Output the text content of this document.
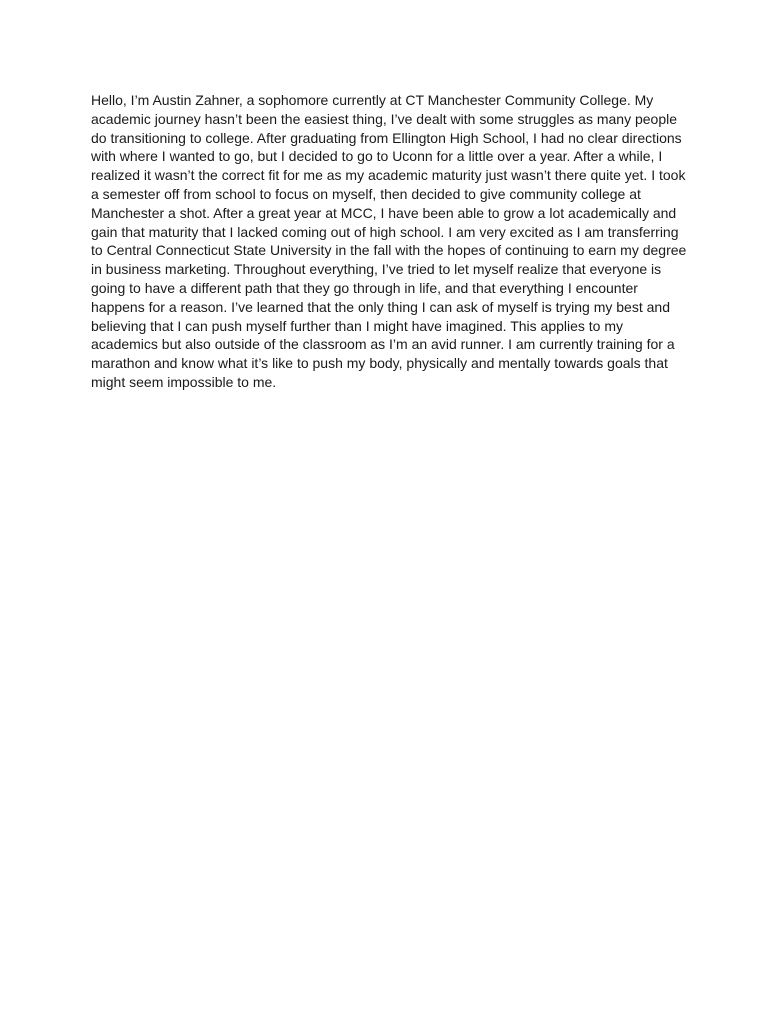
Hello, I’m Austin Zahner, a sophomore currently at CT Manchester Community College. My
academic journey hasn’t been the easiest thing, I’ve dealt with some struggles as many people
do transitioning to college. After graduating from Ellington High School, I had no clear directions
with where I wanted to go, but I decided to go to Uconn for a little over a year. After a while, I
realized it wasn’t the correct fit for me as my academic maturity just wasn’t there quite yet. I took
a semester off from school to focus on myself, then decided to give community college at
Manchester a shot. After a great year at MCC, I have been able to grow a lot academically and
gain that maturity that I lacked coming out of high school. I am very excited as I am transferring
to Central Connecticut State University in the fall with the hopes of continuing to earn my degree
in business marketing. Throughout everything, I’ve tried to let myself realize that everyone is
going to have a different path that they go through in life, and that everything I encounter
happens for a reason. I’ve learned that the only thing I can ask of myself is trying my best and
believing that I can push myself further than I might have imagined. This applies to my
academics but also outside of the classroom as I’m an avid runner. I am currently training for a
marathon and know what it’s like to push my body, physically and mentally towards goals that
might seem impossible to me.
